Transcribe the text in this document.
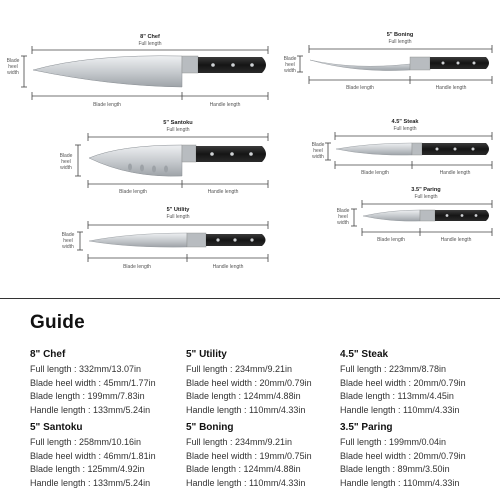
8" Chef
Full length
Blade heel width
Blade length	Handle length
5" Boning
Full length
Blade heel width
Blade length	Handle length
5" Santoku
Full length
Blade heel width
Blade length	Handle length
4.5" Steak
Full length
Blade heel width
Blade length	Handle length
5" Utility
Full length
Blade heel width
Blade length	Handle length
3.5" Paring
Full length
Blade heel width
Blade length	Handle length
Guide
8" Chef
Full length : 332mm/13.07in
Blade heel width : 45mm/1.77in
Blade length : 199mm/7.83in
Handle length : 133mm/5.24in
5" Utility
Full length : 234mm/9.21in
Blade heel width : 20mm/0.79in
Blade length : 124mm/4.88in
Handle length : 110mm/4.33in
4.5" Steak
Full length : 223mm/8.78in
Blade heel width : 20mm/0.79in
Blade length : 113mm/4.45in
Handle length : 110mm/4.33in
5" Santoku
Full length : 258mm/10.16in
Blade heel width : 46mm/1.81in
Blade length : 125mm/4.92in
Handle length : 133mm/5.24in
5" Boning
Full length : 234mm/9.21in
Blade heel width : 19mm/0.75in
Blade length : 124mm/4.88in
Handle length : 110mm/4.33in
3.5" Paring
Full length : 199mm/0.04in
Blade heel width : 20mm/0.79in
Blade length : 89mm/3.50in
Handle length : 110mm/4.33in
